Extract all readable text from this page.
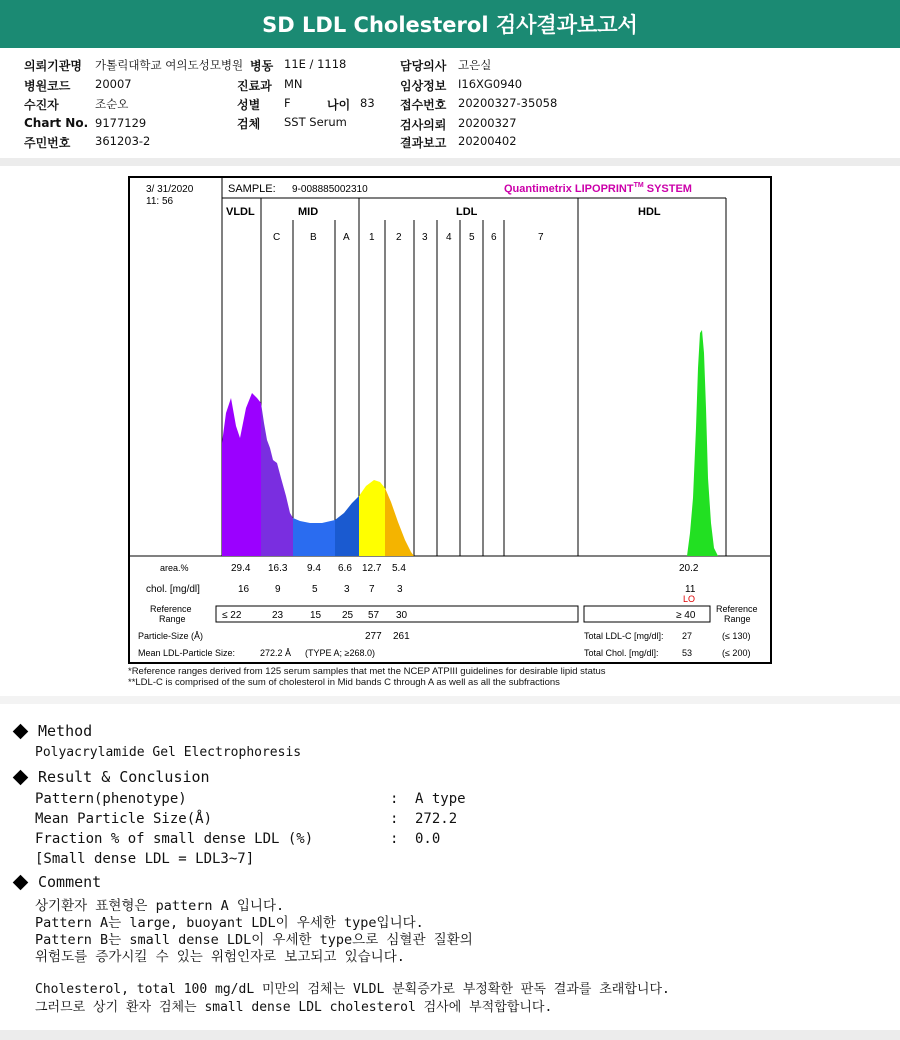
SD LDL Cholesterol 검사결과보고서
의뢰기관명 가톨릭대학교 여의도성모병원 병동 11E / 1118	담당의사 고은실
병원코드 20007	진료과 MN	임상정보 I16XG0940
수진자	조순오	성별 F	나이 83 접수번호 20200327-35058
Chart No. 9177129	검체 SST Serum	검사의뢰 20200327
주민번호 361203-2	결과보고 20200402
3/ 31/2020
11: 56
SAMPLE: 9-008885002310	Quantimetrix LIPOPRINT™ SYSTEM
VLDL	MID	LDL	HDL
C	B	A 1 2 3 4 5 6	7
area.%	29.4 16.3 9.4 6.6 12.7 5.4	20.2
chol. [mg/dl]	16	9	5	3 7 3	11
LO
Reference
Range	≤ 22	23	15 25 57 30	≥ 40
Reference
Range
Particle-Size (Å)	277 261	Total LDL-C [mg/dl]: 27	(≤ 130)
Mean LDL-Particle Size:	272.2 Å (TYPE A; ≥268.0)	Total Chol. [mg/dl]:	53	(≤ 200)
*Reference ranges derived from 125 serum samples that met the NCEP ATPIII guidelines for desirable lipid status
**LDL-C is comprised of the sum of cholesterol in Mid bands C through A as well as all the subfractions
Method
Polyacrylamide Gel Electrophoresis
Result & Conclusion
Pattern(phenotype)	: A type
Mean Particle Size(Å)	: 272.2
Fraction % of small dense LDL (%)	: 0.0
[Small dense LDL = LDL3~7]
Comment
상기환자 표현형은 pattern A 입니다.
Pattern A는 large, buoyant LDL이 우세한 type입니다.
Pattern B는 small dense LDL이 우세한 type으로 심혈관 질환의
위험도를 증가시킬 수 있는 위험인자로 보고되고 있습니다.
Cholesterol, total 100 mg/dL 미만의 검체는 VLDL 분획증가로 부정확한 판독 결과를 초래합니다.
그러므로 상기 환자 검체는 small dense LDL cholesterol 검사에 부적합합니다.
